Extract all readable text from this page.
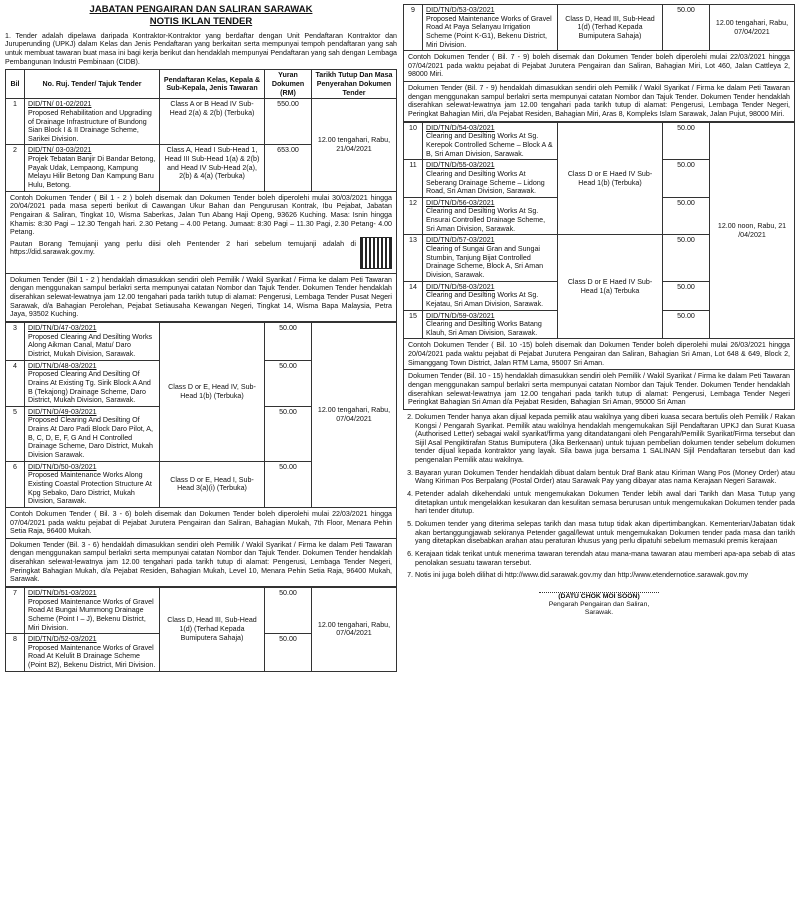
JABATAN PENGAIRAN DAN SALIRAN SARAWAK
NOTIS IKLAN TENDER

1. Tender adalah dipelawa daripada Kontraktor-Kontraktor yang berdaftar dengan Unit Pendaftaran Kontraktor dan Juruperunding (UPKJ) dalam Kelas dan Jenis Pendaftaran yang berkaitan serta mempunyai tempoh pendaftaran yang sah untuk membuat tawaran buat masa ini bagi kerja berikut dan hendaklah mempunyai Pendaftaran yang sah dengan Lembaga Pembangunan Industri Pembinaan (CIDB).

Bil	No. Ruj. Tender/ Tajuk Tender	Pendaftaran Kelas, Kepala & Sub-Kepala, Jenis Tawaran	Yuran Dokumen (RM)	Tarikh Tutup Dan Masa Penyerahan Dokumen Tender
1	DID/TN/ 01-02/2021
Proposed Rehabilitation and Upgrading of Drainage Infrastructure of Bundong Sian Block I & II Drainage Scheme, Sarikei Division.	Class A or B Head IV Sub-Head 2(a) & 2(b) (Terbuka)	550.00	12.00 tengahari, Rabu, 21/04/2021
2	DID/TN/ 03-03/2021
Projek Tebatan Banjir Di Bandar Betong, Payak Udak, Lempaong, Kampung Melayu Hilir Betong Dan Kampung Baru Hulu, Betong.	Class A, Head I Sub-Head 1, Head III Sub-Head 1(a) & 2(b) and Head IV Sub-Head 2(a), 2(b) & 4(a) (Terbuka)	653.00	

Contoh Dokumen Tender ( Bil 1 - 2 ) boleh disemak dan Dokumen Tender boleh diperolehi mulai 30/03/2021 hingga 20/04/2021 pada masa seperti berikut di Cawangan Ukur Bahan dan Pengurusan Kontrak, Ibu Pejabat, Jabatan Pengairan & Saliran, Tingkat 10, Wisma Saberkas, Jalan Tun Abang Haji Openg, 93626 Kuching. Masa: Isnin hingga Khamis: 8:30 Pagi – 12.30 Tengah hari. 2.30 Petang – 4.00 Petang. Jumaat: 8:30 Pagi – 11.30 Pagi, 2.30 Petang- 4.00 Petang.

Pautan Borang Temujanji yang perlu diisi oleh Pentender 2 hari sebelum temujanji adalah di https://did.sarawak.gov.my.

Dokumen Tender (Bil 1 - 2 ) hendaklah dimasukkan sendiri oleh Pemilik / Wakil Syarikat / Firma ke dalam Peti Tawaran dengan menggunakan sampul berlakri serta mempunyai catatan Nombor dan Tajuk Tender. Dokumen Tender hendaklah diserahkan selewat-lewatnya jam 12.00 tengahari pada tarikh tutup di alamat: Pengerusi, Lembaga Tender Pusat Negeri Sarawak, d/a Bahagian Perolehan, Pejabat Setiausaha Kewangan Negeri, Tingkat 14, Wisma Bapa Malaysia, Petra Jaya, 93502 Kuching.
3	DID/TN/D/47-03/2021
Proposed Clearing And Desilting Works Along Aikman Canal, Matu/ Daro District, Mukah Division, Sarawak.	Class D or E, Head IV, Sub-Head 1(b) (Terbuka)	50.00	12.00 tengahari, Rabu, 07/04/2021
4	DID/TN/D/48-03/2021
Proposed Clearing And Desilting Of Drains At Existing Tg. Sirik Block A And B (Tekajong) Drainage Scheme, Daro District, Mukah Division, Sarawak.		50.00	
5	DID/TN/D/49-03/2021
Proposed Clearing And Desilting Of Drains At Daro Padi Block Daro Pilot, A, B, C, D, E, F, G And H Controlled Drainage Scheme, Daro District, Mukah Division Sarawak.		50.00	
6	DID/TN/D/50-03/2021
Proposed Maintenance Works Along Existing Coastal Protection Structure At Kpg Sebako, Daro District, Mukah Division, Sarawak.	Class D or E, Head I, Sub-Head 3(a)(i) (Terbuka)	50.00	
Contoh Dokumen Tender ( Bil. 3 - 6) boleh disemak dan Dokumen Tender boleh diperolehi mulai 22/03/2021 hingga 07/04/2021 pada waktu pejabat di Pejabat Jurutera Pengairan dan Saliran, Bahagian Mukah, 7th Floor, Menara Pehin Setia Raja, 96400 Mukah.
Dokumen Tender (Bil. 3 - 6) hendaklah dimasukkan sendiri oleh Pemilik / Wakil Syarikat / Firma ke dalam Peti Tawaran dengan menggunakan sampul berlakri serta mempunyai catatan Nombor dan Tajuk Tender. Dokumen Tender hendaklah diserahkan selewat-lewatnya jam 12.00 tengahari pada tarikh tutup di alamat: Pengerusi, Lembaga Tender Negeri, Peringkat Bahagian Mukah, d/a Pejabat Residen, Bahagian Mukah, Level 10, Menara Pehin Setia Raja, 96400 Mukah, Sarawak.
7	DID/TN/D/51-03/2021
Proposed Maintenance Works of Gravel Road At Bungai Mummong Drainage Scheme (Point I – J), Bekenu District, Miri Division.	Class D, Head III, Sub-Head 1(d) (Terhad Kepada Bumiputera Sahaja)	50.00	12.00 tengahari, Rabu, 07/04/2021
8	DID/TN/D/52-03/2021
Proposed Maintenance Works of Gravel Road At Kelulit B Drainage Scheme (Point B2), Bekenu District, Miri Division.		50.00	
9	DID/TN/D/53-03/2021
Proposed Maintenance Works of Gravel Road At Paya Selanyau Irrigation Scheme (Point K-G1), Bekenu District, Miri Division.	Class D, Head III, Sub-Head 1(d) (Terhad Kepada Bumiputera Sahaja)	50.00	12.00 tengahari, Rabu, 07/04/2021
Contoh Dokumen Tender ( Bil. 7 - 9) boleh disemak dan Dokumen Tender boleh diperolehi mulai 22/03/2021 hingga 07/04/2021 pada waktu pejabat di Pejabat Jurutera Pengairan dan Saliran, Bahagian Miri, Lot 460, Jalan Cattleya 2, 98000 Miri.
Dokumen Tender (Bil. 7 - 9) hendaklah dimasukkan sendiri oleh Pemilik / Wakil Syarikat / Firma ke dalam Peti Tawaran dengan menggunakan sampul berlakri serta mempunyai catatan Nombor dan Tajuk Tender. Dokumen Tender hendaklah diserahkan selewat-lewatnya jam 12.00 tengahari pada tarikh tutup di alamat: Pengerusi, Lembaga Tender Negeri, Peringkat Bahagian Miri, d/a Pejabat Residen, Bahagian Miri, Aras 8, Kompleks Islam Sarawak, Jalan Pujut, 98000 Miri.
10	DID/TN/D/54-03/2021
Clearing and Desilting Works At Sg. Kerepok Controlled Scheme – Block A & B, Sri Aman Division, Sarawak.	Class D or E Haed IV Sub-Head 1(b) (Terbuka)	50.00	12.00 noon, Rabu, 21 /04/2021
11	DID/TN/D/55-03/2021
Clearing and Desilting Works At Seberang Drainage Scheme – Lidong Road, Sri Aman Division, Sarawak.		50.00	
12	DID/TN/D/56-03/2021
Clearing and Desilting Works At Sg. Ensurai Controlled Drainage Scheme, Sri Aman Division, Sarawak.		50.00	
13	DID/TN/D/57-03/2021
Clearing of Sungai Gran and Sungai Stumbin, Tanjung Bijat Controlled Drainage Scheme, Block A, Sri Aman Division, Sarawak.	Class D or E Haed IV Sub-Head 1(a) Terbuka	50.00	
14	DID/TN/D/58-03/2021
Clearing and Desilting Works At Sg. Kejatau, Sri Aman Division, Sarawak.		50.00	
15	DID/TN/D/59-03/2021
Clearing and Desilting Works Batang Klauh, Sri Aman Division, Sarawak.		50.00	
Contoh Dokumen Tender ( Bil. 10 -15) boleh disemak dan Dokumen Tender boleh diperolehi mulai 26/03/2021 hingga 20/04/2021 pada waktu pejabat di Pejabat Jurutera Pengairan dan Saliran, Bahagian Sri Aman, Lot 648 & 649, Block 2, Simanggang Town District, Jalan RTM Lama, 95007 Sri Aman.
Dokumen Tender (Bil. 10 - 15) hendaklah dimasukkan sendiri oleh Pemilik / Wakil Syarikat / Firma ke dalam Peti Tawaran dengan menggunakan sampul berlakri serta mempunyai catatan Nombor dan Tajuk Tender. Dokumen Tender hendaklah diserahkan selewat-lewatnya jam 12.00 tengahari pada tarikh tutup di alamat: Pengerusi, Lembaga Tender Negeri Peringkat Bahagian Sri Aman d/a Pejabat Residen, Bahagian Sri Aman, 95000 Sri Aman
2. Dokumen Tender hanya akan dijual kepada pemilik atau wakilnya yang diberi kuasa secara bertulis oleh Pemilik / Rakan Kongsi / Pengarah Syarikat. Pemilik atau wakilnya hendaklah mengemukakan Sijil Pendaftaran UPKJ dan Surat Kuasa (Authorised Letter) sebagai wakil syarikat/firma yang ditandatangani oleh Pengarah/Pemilik Syarikat/Firma tersebut dan Sijil Asal Pengiktirafan Status Bumiputera (Jika Berkenaan) untuk tujuan pembelian dokumen tender sebelum dokumen tender dijual kepada kontraktor yang layak. Sila bawa juga bersama 1 SALINAN Sijil Pendaftaran tersebut dan kad pengenalan Pemilik atau wakilnya.
3. Bayaran yuran Dokumen Tender hendaklah dibuat dalam bentuk Draf Bank atau Kiriman Wang Pos (Money Order) atau Wang Kiriman Pos Berpalang (Postal Order) atau Sarawak Pay yang dibayar atas nama Kerajaan Negeri Sarawak.
4. Petender adalah dikehendaki untuk mengemukakan Dokumen Tender lebih awal dari Tarikh dan Masa Tutup yang ditetapkan untuk mengelakkan kesukaran dan kesulitan semasa berurusan untuk mengemukakan Dokumen tender pada hari tender ditutup.
5. Dokumen tender yang diterima selepas tarikh dan masa tutup tidak akan dipertimbangkan. Kementerian/Jabatan tidak akan bertanggungjawab sekiranya Petender gagal/lewat untuk mengemukakan Dokumen tender pada masa dan tarikh yang ditetapkan disebabkan arahan atau peraturan khusus yang perlu dipatuhi sebelum memasuki premis kerajaan
6. Kerajaan tidak terikat untuk menerima tawaran terendah atau mana-mana tawaran atau memberi apa-apa sebab di atas penolakan sesuatu tawaran tersebut.
7. Notis ini juga boleh dilihat di http://www.did.sarawak.gov.my dan http://www.etendernotice.sarawak.gov.my
(DATU CHOK MOI SOON)
Pengarah Pengairan dan Saliran,
Sarawak.
